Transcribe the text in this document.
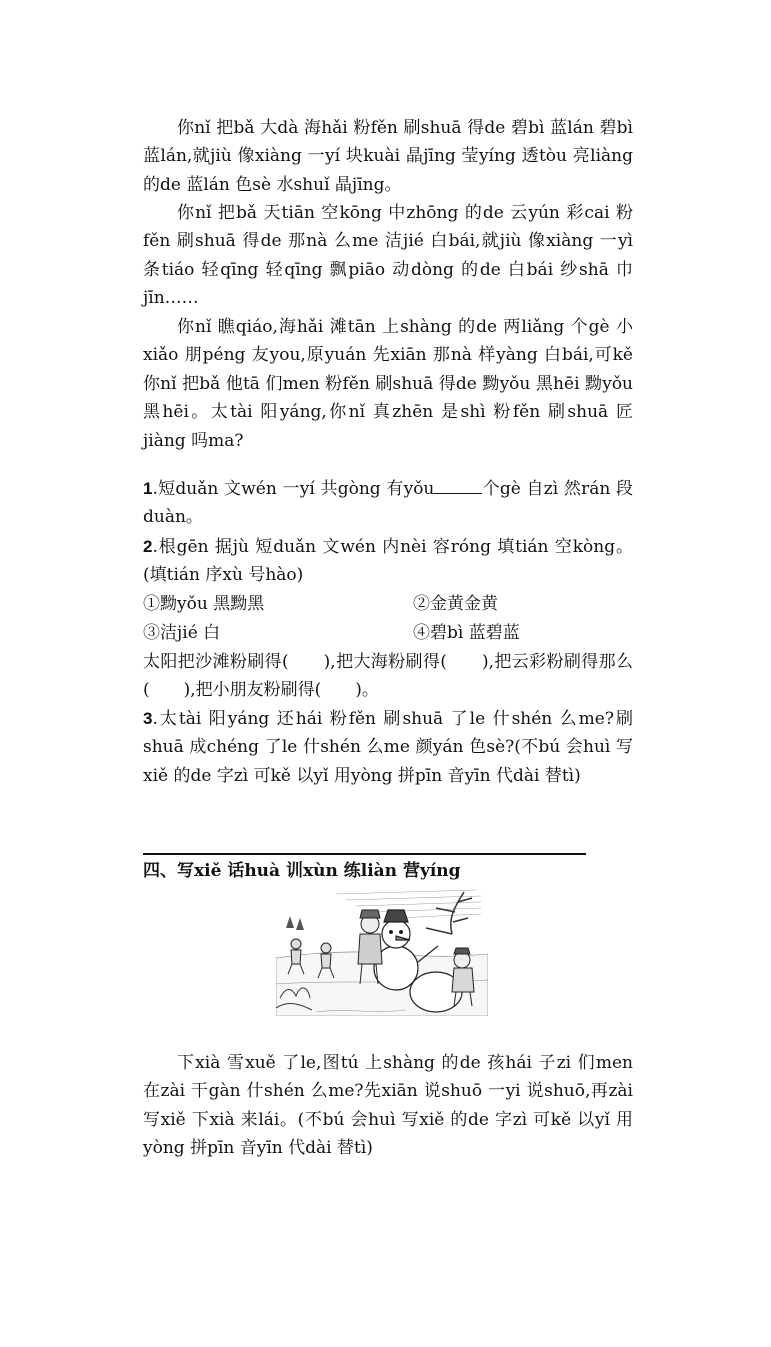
你nǐ 把bǎ 大dà 海hǎi 粉fěn 刷shuā 得de 碧bì 蓝lán 碧bì 蓝lán,就jiù 像xiàng 一yí 块kuài 晶jīng 莹yíng 透tòu 亮liàng 的de 蓝lán 色sè 水shuǐ 晶jīng。

你nǐ 把bǎ 天tiān 空kōng 中zhōng 的de 云yún 彩cai 粉fěn 刷shuā 得de 那nà 么me 洁jié 白bái,就jiù 像xiàng 一yì 条tiáo 轻qīng 轻qīng 飘piāo 动dòng 的de 白bái 纱shā 巾jīn……

你nǐ 瞧qiáo,海hǎi 滩tān 上shàng 的de 两liǎng 个gè 小xiǎo 朋péng 友you,原yuán 先xiān 那nà 样yàng 白bái,可kě 你nǐ 把bǎ 他tā 们men 粉fěn 刷shuā 得de 黝yǒu 黑hēi 黝yǒu 黑hēi。太tài 阳yáng,你nǐ 真zhēn 是shì 粉fěn 刷shuā 匠jiàng 吗ma?

1.短duǎn 文wén 一yí 共gòng 有yǒu	个gè 自zì 然rán 段duàn。

2.根gēn 据jù 短duǎn 文wén 内nèi 容róng 填tián 空kòng。(填tián 序xù 号hào)

①黝yǒu 黑黝黑	②金黄金黄
③洁jié 白	④碧bì 蓝碧蓝

太阳把沙滩粉刷得(　　),把大海粉刷得(　　),把云彩粉刷得那么(　　),把小朋友粉刷得(　　)。

3.太tài 阳yáng 还hái 粉fěn 刷shuā 了le 什shén 么me?刷shuā 成chéng 了le 什shén 么me 颜yán 色sè?(不bú 会huì 写xiě 的de 字zì 可kě 以yǐ 用yòng 拼pīn 音yīn 代dài 替tì)

四、写xiě 话huà 训xùn 练liàn 营yíng

下xià 雪xuě 了le,图tú 上shàng 的de 孩hái 子zi 们men 在zài 干gàn 什shén 么me?先xiān 说shuō 一yi 说shuō,再zài 写xiě 下xià 来lái。(不bú 会huì 写xiě 的de 字zì 可kě 以yǐ 用yòng 拼pīn 音yīn 代dài 替tì)
